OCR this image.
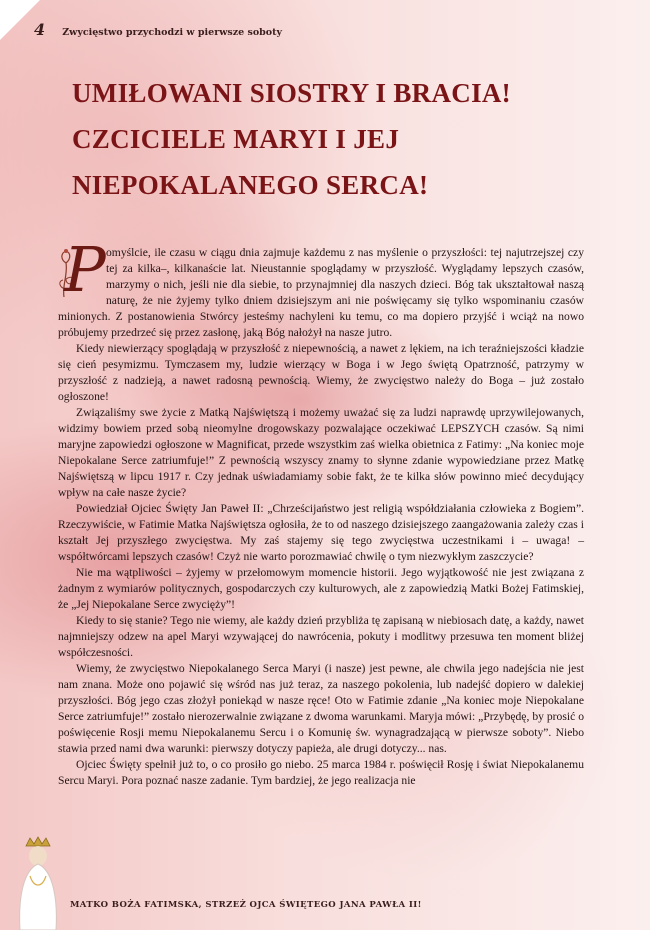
4 Zwycięstwo przychodzi w pierwsze soboty
UMIŁOWANI SIOSTRY I BRACIA!
CZCICIELE MARYI I JEJ
NIEPOKALANEGO SERCA!

P omyślcie, ile czasu w ciągu dnia zajmuje każdemu z nas myślenie o przyszłości: tej najutrzejszej czy tej za kilka–, kilkanaście lat. Nieustannie spoglądamy w przyszłość. Wyglądamy lepszych czasów, marzymy o nich, jeśli nie dla siebie, to przynajmniej dla naszych dzieci. Bóg tak ukształtował naszą naturę, że nie żyjemy tylko dniem dzisiejszym ani nie poświęcamy się tylko wspominaniu czasów minionych. Z postanowienia Stwórcy jesteśmy nachyleni ku temu, co ma dopiero przyjść i wciąż na nowo próbujemy przedrzeć się przez zasłonę, jaką Bóg nałożył na nasze jutro.

Kiedy niewierzący spoglądają w przyszłość z niepewnością, a nawet z lękiem, na ich teraźniejszości kładzie się cień pesymizmu. Tymczasem my, ludzie wierzący w Boga i w Jego świętą Opatrzność, patrzymy w przyszłość z nadzieją, a nawet radosną pewnością. Wiemy, że zwycięstwo należy do Boga – już zostało ogłoszone!

Związaliśmy swe życie z Matką Najświętszą i możemy uważać się za ludzi naprawdę uprzywilejowanych, widzimy bowiem przed sobą nieomylne drogowskazy pozwalające oczekiwać LEPSZYCH czasów. Są nimi maryjne zapowiedzi ogłoszone w Magnificat, przede wszystkim zaś wielka obietnica z Fatimy: „Na koniec moje Niepokalane Serce zatriumfuje!” Z pewnością wszyscy znamy to słynne zdanie wypowiedziane przez Matkę Najświętszą w lipcu 1917 r. Czy jednak uświadamiamy sobie fakt, że te kilka słów powinno mieć decydujący wpływ na całe nasze życie?

Powiedział Ojciec Święty Jan Paweł II: „Chrześcijaństwo jest religią współdziałania człowieka z Bogiem”. Rzeczywiście, w Fatimie Matka Najświętsza ogłosiła, że to od naszego dzisiejszego zaangażowania zależy czas i kształt Jej przyszłego zwycięstwa. My zaś stajemy się tego zwycięstwa uczestnikami i – uwaga! – współtwórcami lepszych czasów! Czyż nie warto porozmawiać chwilę o tym niezwykłym zaszczycie?

Nie ma wątpliwości – żyjemy w przełomowym momencie historii. Jego wyjątkowość nie jest związana z żadnym z wymiarów politycznych, gospodarczych czy kulturowych, ale z zapowiedzią Matki Bożej Fatimskiej, że „Jej Niepokalane Serce zwycięży”!

Kiedy to się stanie? Tego nie wiemy, ale każdy dzień przybliża tę zapisaną w niebiosach datę, a każdy, nawet najmniejszy odzew na apel Maryi wzywającej do nawrócenia, pokuty i modlitwy przesuwa ten moment bliżej współczesności.

Wiemy, że zwycięstwo Niepokalanego Serca Maryi (i nasze) jest pewne, ale chwila jego nadejścia nie jest nam znana. Może ono pojawić się wśród nas już teraz, za naszego pokolenia, lub nadejść dopiero w dalekiej przyszłości. Bóg jego czas złożył poniekąd w nasze ręce! Oto w Fatimie zdanie „Na koniec moje Niepokalane Serce zatriumfuje!” zostało nierozerwalnie związane z dwoma warunkami. Maryja mówi: „Przybędę, by prosić o poświęcenie Rosji memu Niepokalanemu Sercu i o Komunię św. wynagradzającą w pierwsze soboty”. Niebo stawia przed nami dwa warunki: pierwszy dotyczy papieża, ale drugi dotyczy... nas.

Ojciec Święty spełnił już to, o co prosiło go niebo. 25 marca 1984 r. poświęcił Rosję i świat Niepokalanemu Sercu Maryi. Pora poznać nasze zadanie. Tym bardziej, że jego realizacja nie

MATKO BOŻA FATIMSKA, STRZEŻ OJCA ŚWIĘTEGO JANA PAWŁA II!
